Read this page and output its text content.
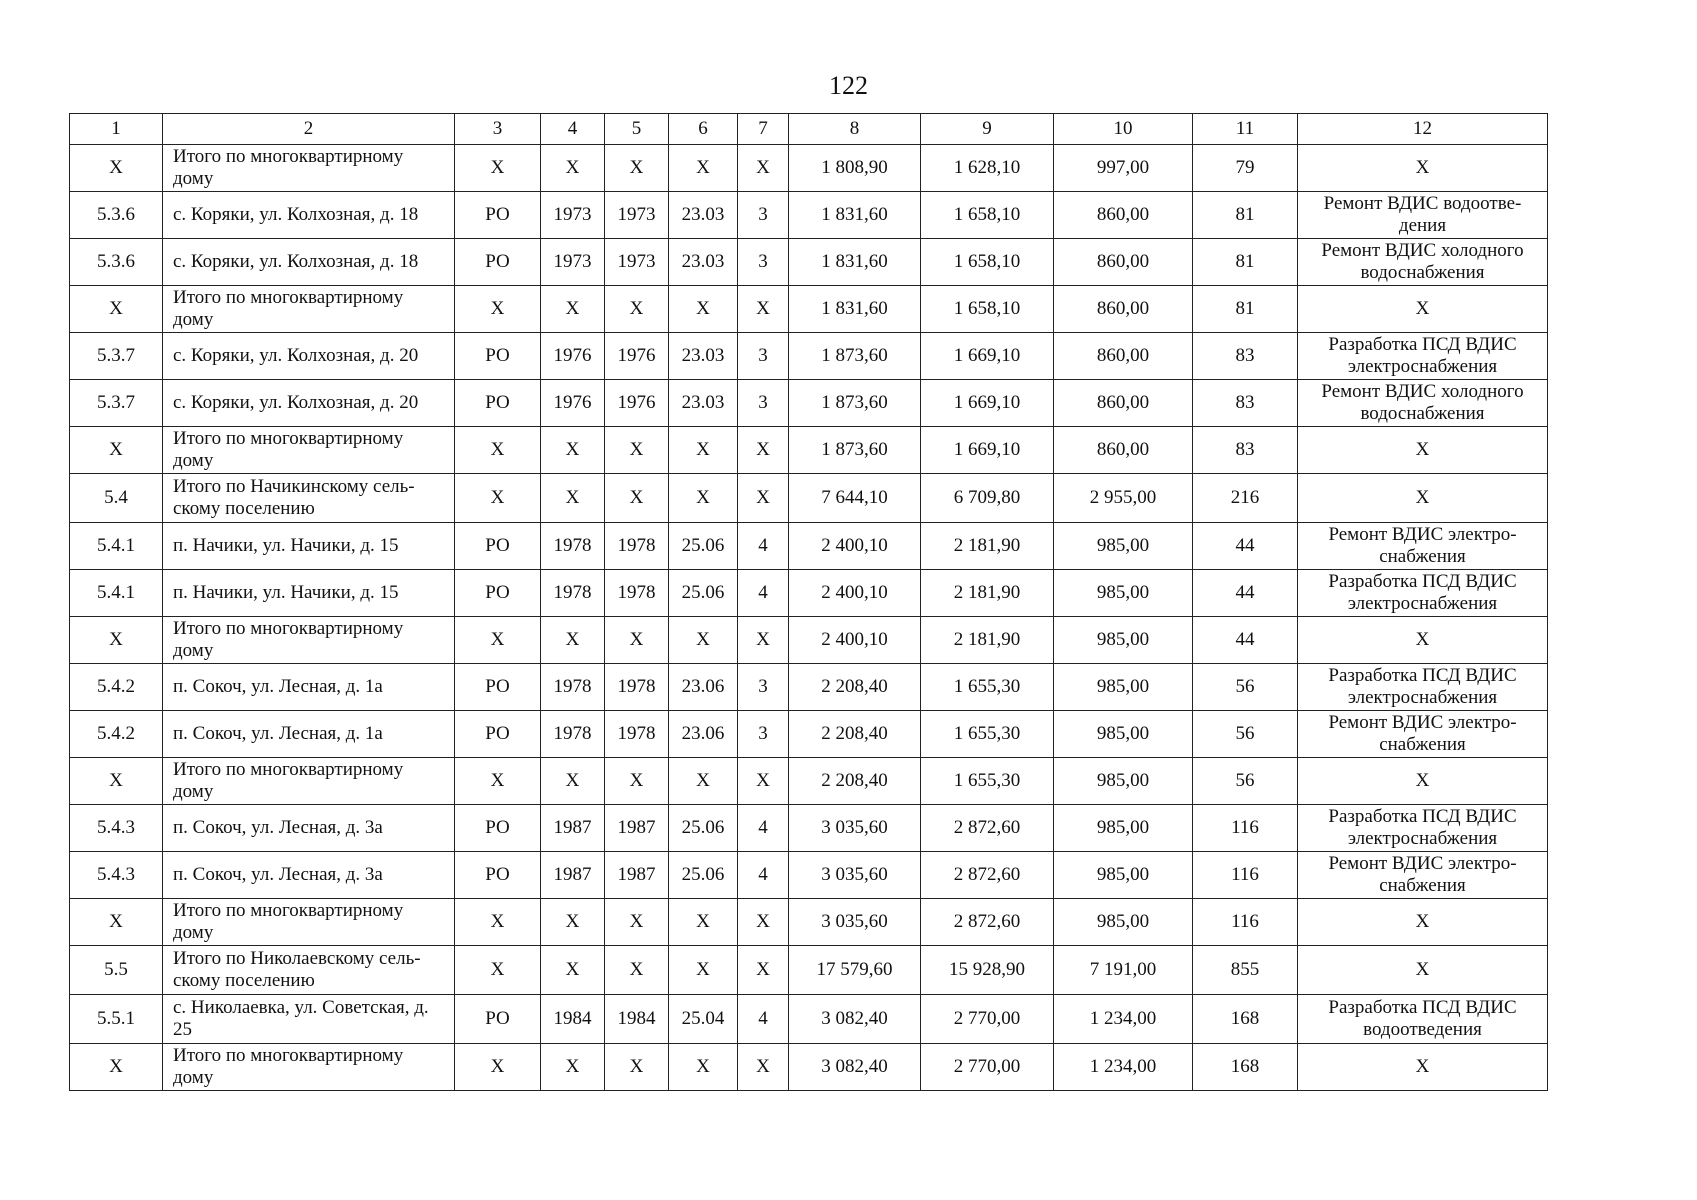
122
1	2	3	4	5	6	7	8	9	10	11	12
X	Итого по многоквартирному дому	X	X	X	X	X	1 808,90	1 628,10	997,00	79	X
5.3.6	с. Коряки, ул. Колхозная, д. 18	РО	1973	1973	23.03	3	1 831,60	1 658,10	860,00	81	Ремонт ВДИС водоотве-дения
5.3.6	с. Коряки, ул. Колхозная, д. 18	РО	1973	1973	23.03	3	1 831,60	1 658,10	860,00	81	Ремонт ВДИС холодного водоснабжения
X	Итого по многоквартирному дому	X	X	X	X	X	1 831,60	1 658,10	860,00	81	X
5.3.7	с. Коряки, ул. Колхозная, д. 20	РО	1976	1976	23.03	3	1 873,60	1 669,10	860,00	83	Разработка ПСД ВДИС электроснабжения
5.3.7	с. Коряки, ул. Колхозная, д. 20	РО	1976	1976	23.03	3	1 873,60	1 669,10	860,00	83	Ремонт ВДИС холодного водоснабжения
X	Итого по многоквартирному дому	X	X	X	X	X	1 873,60	1 669,10	860,00	83	X
5.4	Итого по Начикинскому сель-скому поселению	X	X	X	X	X	7 644,10	6 709,80	2 955,00	216	X
5.4.1	п. Начики, ул. Начики, д. 15	РО	1978	1978	25.06	4	2 400,10	2 181,90	985,00	44	Ремонт ВДИС электро-снабжения
5.4.1	п. Начики, ул. Начики, д. 15	РО	1978	1978	25.06	4	2 400,10	2 181,90	985,00	44	Разработка ПСД ВДИС электроснабжения
X	Итого по многоквартирному дому	X	X	X	X	X	2 400,10	2 181,90	985,00	44	X
5.4.2	п. Сокоч, ул. Лесная, д. 1а	РО	1978	1978	23.06	3	2 208,40	1 655,30	985,00	56	Разработка ПСД ВДИС электроснабжения
5.4.2	п. Сокоч, ул. Лесная, д. 1а	РО	1978	1978	23.06	3	2 208,40	1 655,30	985,00	56	Ремонт ВДИС электро-снабжения
X	Итого по многоквартирному дому	X	X	X	X	X	2 208,40	1 655,30	985,00	56	X
5.4.3	п. Сокоч, ул. Лесная, д. 3а	РО	1987	1987	25.06	4	3 035,60	2 872,60	985,00	116	Разработка ПСД ВДИС электроснабжения
5.4.3	п. Сокоч, ул. Лесная, д. 3а	РО	1987	1987	25.06	4	3 035,60	2 872,60	985,00	116	Ремонт ВДИС электро-снабжения
X	Итого по многоквартирному дому	X	X	X	X	X	3 035,60	2 872,60	985,00	116	X
5.5	Итого по Николаевскому сель-скому поселению	X	X	X	X	X	17 579,60	15 928,90	7 191,00	855	X
5.5.1	с. Николаевка, ул. Советская, д. 25	РО	1984	1984	25.04	4	3 082,40	2 770,00	1 234,00	168	Разработка ПСД ВДИС водоотведения
X	Итого по многоквартирному дому	X	X	X	X	X	3 082,40	2 770,00	1 234,00	168	X
